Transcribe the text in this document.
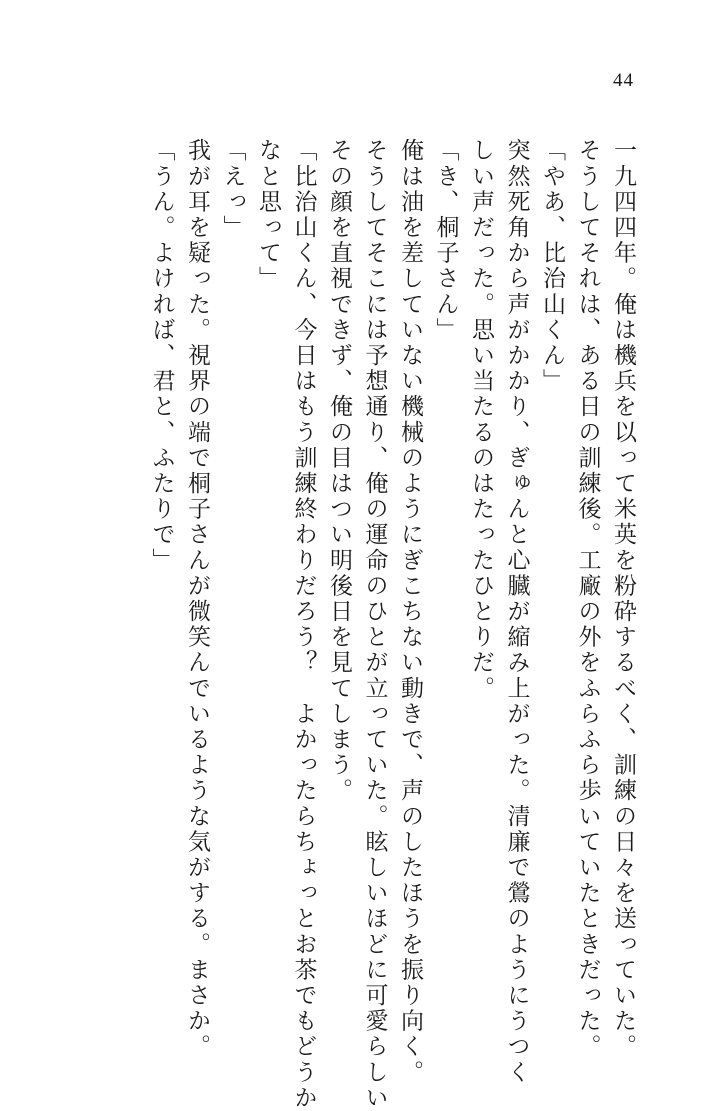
44
一九四四年。俺は機兵を以って米英を粉砕するべく、訓練の日々を送っていた。
そうしてそれは、ある日の訓練後。工廠の外をふらふら歩いていたときだった。
「やあ、比治山くん」
突然死角から声がかかり、ぎゅんと心臓が縮み上がった。清廉で鶯のようにうつく
しい声だった。思い当たるのはたったひとりだ。
「き、桐子さん」
俺は油を差していない機械のようにぎこちない動きで、声のしたほうを振り向く。
そうしてそこには予想通り、俺の運命のひとが立っていた。眩しいほどに可愛らしい
その顔を直視できず、俺の目はつい明後日を見てしまう。
「比治山くん、今日はもう訓練終わりだろう？　よかったらちょっとお茶でもどうか
なと思って」
「えっ」
我が耳を疑った。視界の端で桐子さんが微笑んでいるような気がする。まさか。
「うん。よければ、君と、ふたりで」
